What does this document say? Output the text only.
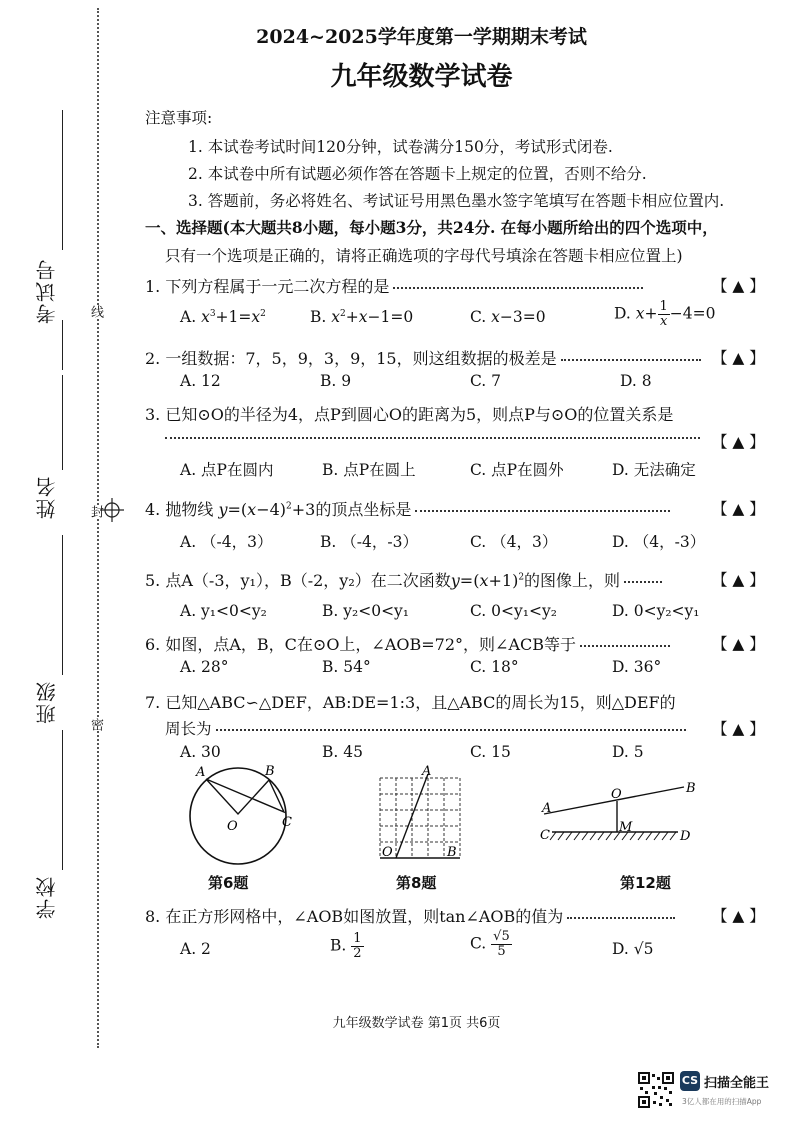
考试号
姓名
班级
学校
线
封
密
2024~2025学年度第一学期期末考试
九年级数学试卷
注意事项:
1. 本试卷考试时间120分钟，试卷满分150分，考试形式闭卷.
2. 本试卷中所有试题必须作答在答题卡上规定的位置，否则不给分.
3. 答题前，务必将姓名、考试证号用黑色墨水签字笔填写在答题卡相应位置内.
一、选择题(本大题共8小题，每小题3分，共24分. 在每小题所给出的四个选项中，
只有一个选项是正确的，请将正确选项的字母代号填涂在答题卡相应位置上)
1. 下列方程属于一元二次方程的是	【 ▲ 】
A. $x^3+1=x^2$	B. $x^2+x-1=0$	C. x−3=0	D. $x+ \frac{1}{x} -4=0$
2. 一组数据：7，5，9，3，9，15，则这组数据的极差是	【 ▲ 】
A. 12	B. 9	C. 7	D. 8
3. 已知⊙O的半径为4，点P到圆心O的距离为5，则点P与⊙O的位置关系是
【 ▲ 】
A. 点P在圆内	B. 点P在圆上	C. 点P在圆外	D. 无法确定
4. 抛物线 $y=(x-4)^2+3$的顶点坐标是	【 ▲ 】
A. （-4，3）	B. （-4，-3）	C. （4，3）	D. （4，-3）
5. 点A（-3，y₁），B（-2，y₂）在二次函数$y=(x+1)^2$的图像上，则	【 ▲ 】
A. y₁<0<y₂	B. y₂<0<y₁	C. 0<y₁<y₂	D. 0<y₂<y₁
6. 如图，点A，B，C在⊙O上，∠AOB=72°，则∠ACB等于	【 ▲ 】
A. 28°	B. 54°	C. 18°	D. 36°
7. 已知△ABC∽△DEF，AB:DE=1:3，且△ABC的周长为15，则△DEF的
周长为	【 ▲ 】
A. 30	B. 45	C. 15	D. 5
A	B
O	C
第6题
A
O	B
第8题
A
O	B
M
C	D
第12题
8. 在正方形网格中，∠AOB如图放置，则tan∠AOB的值为	【 ▲ 】
A. 2	B. $\frac{1}{2}$	C. $\frac{√5}{5}$	D. √5
九年级数学试卷 第1页 共6页
CS 扫描全能王
3亿人都在用的扫描App
